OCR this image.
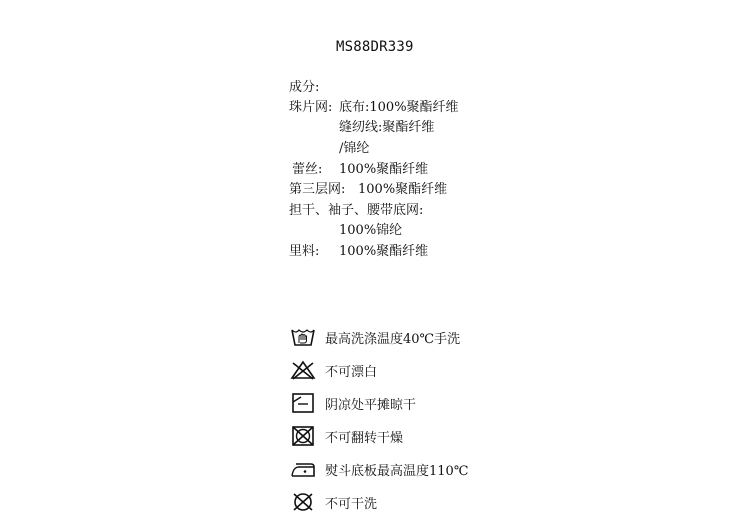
MS88DR339
成分:
珠片网: 底布:100%聚酯纤维
缝纫线:聚酯纤维
/锦纶
蕾丝: 100%聚酯纤维
第三层网: 100%聚酯纤维
担干、袖子、腰带底网:
100%锦纶
里料: 100%聚酯纤维
最高洗涤温度40℃手洗
不可漂白
阴凉处平摊晾干
不可翻转干燥
熨斗底板最高温度110℃
不可干洗
